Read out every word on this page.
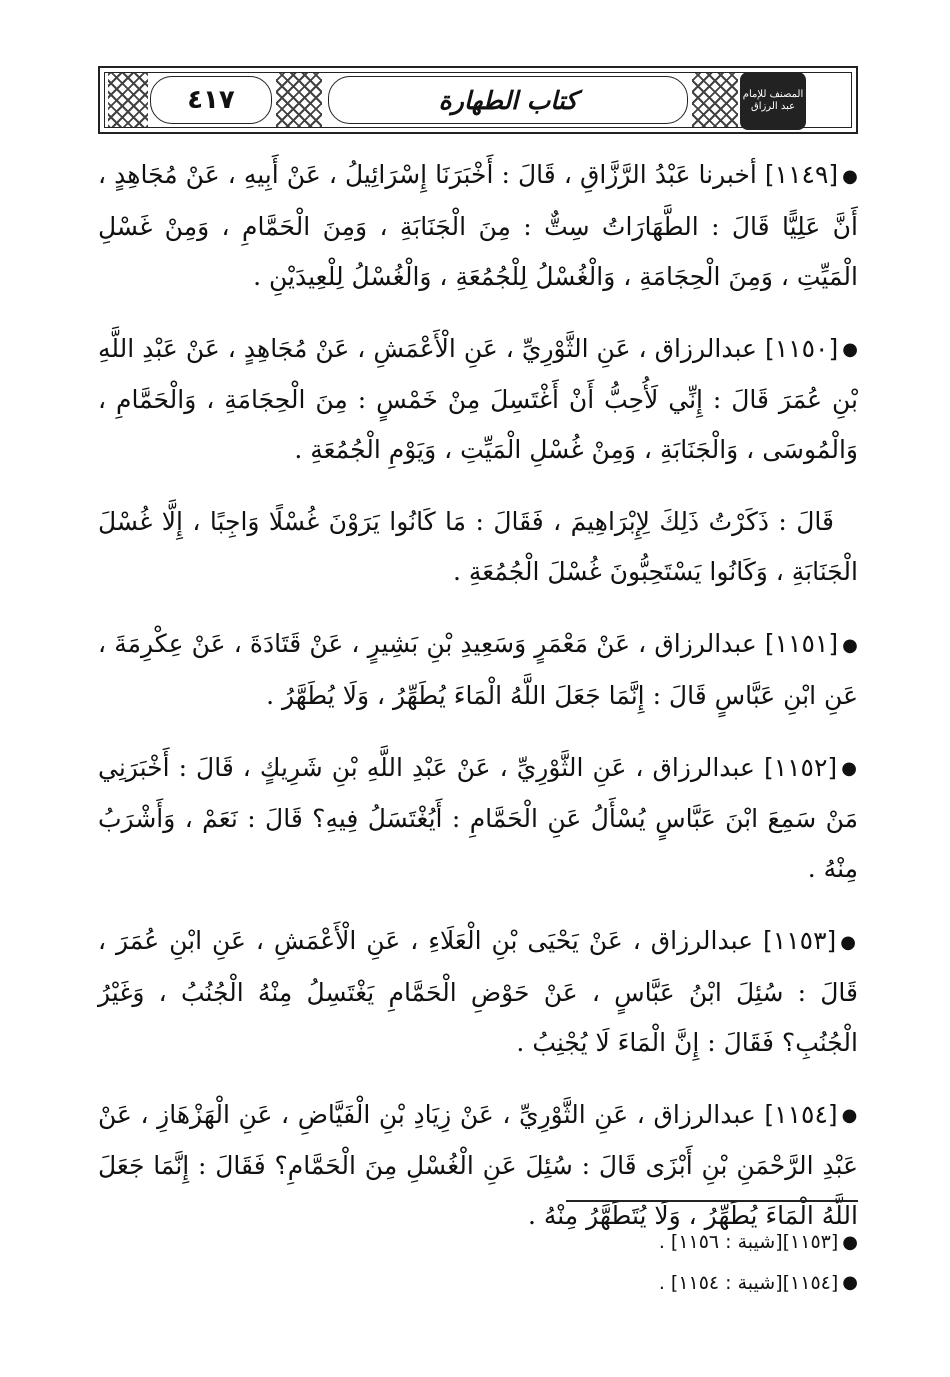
٤١٧	كتاب الطهارة	المصنف للإمام عبد الرزاق

●[١١٤٩] أخبرنا عَبْدُ الرَّزَّاقِ ، قَالَ : أَخْبَرَنَا إِسْرَائِيلُ ، عَنْ أَبِيهِ ، عَنْ مُجَاهِدٍ ، أَنَّ عَلِيًّا قَالَ : الطَّهَارَاتُ سِتٌّ : مِنَ الْجَنَابَةِ ، وَمِنَ الْحَمَّامِ ، وَمِنْ غَسْلِ الْمَيِّتِ ، وَمِنَ الْحِجَامَةِ ، وَالْغُسْلُ لِلْجُمُعَةِ ، وَالْغُسْلُ لِلْعِيدَيْنِ .

●[١١٥٠] عبدالرزاق ، عَنِ الثَّوْرِيِّ ، عَنِ الْأَعْمَشِ ، عَنْ مُجَاهِدٍ ، عَنْ عَبْدِ اللَّهِ بْنِ عُمَرَ قَالَ : إِنِّي لَأُحِبُّ أَنْ أَغْتَسِلَ مِنْ خَمْسٍ : مِنَ الْحِجَامَةِ ، وَالْحَمَّامِ ، وَالْمُوسَى ، وَالْجَنَابَةِ ، وَمِنْ غُسْلِ الْمَيِّتِ ، وَيَوْمِ الْجُمُعَةِ .

قَالَ : ذَكَرْتُ ذَلِكَ لِإِبْرَاهِيمَ ، فَقَالَ : مَا كَانُوا يَرَوْنَ غُسْلًا وَاجِبًا ، إِلَّا غُسْلَ الْجَنَابَةِ ، وَكَانُوا يَسْتَحِبُّونَ غُسْلَ الْجُمُعَةِ .

●[١١٥١] عبدالرزاق ، عَنْ مَعْمَرٍ وَسَعِيدِ بْنِ بَشِيرٍ ، عَنْ قَتَادَةَ ، عَنْ عِكْرِمَةَ ، عَنِ ابْنِ عَبَّاسٍ قَالَ : إِنَّمَا جَعَلَ اللَّهُ الْمَاءَ يُطَهِّرُ ، وَلَا يُطَهَّرُ .

●[١١٥٢] عبدالرزاق ، عَنِ الثَّوْرِيِّ ، عَنْ عَبْدِ اللَّهِ بْنِ شَرِيكٍ ، قَالَ : أَخْبَرَنِي مَنْ سَمِعَ ابْنَ عَبَّاسٍ يُسْأَلُ عَنِ الْحَمَّامِ : أَيُغْتَسَلُ فِيهِ؟ قَالَ : نَعَمْ ، وَأَشْرَبُ مِنْهُ .

●[١١٥٣] عبدالرزاق ، عَنْ يَحْيَى بْنِ الْعَلَاءِ ، عَنِ الْأَعْمَشِ ، عَنِ ابْنِ عُمَرَ ، قَالَ : سُئِلَ ابْنُ عَبَّاسٍ ، عَنْ حَوْضِ الْحَمَّامِ يَغْتَسِلُ مِنْهُ الْجُنُبُ ، وَغَيْرُ الْجُنُبِ؟ فَقَالَ : إِنَّ الْمَاءَ لَا يُجْنِبُ .

●[١١٥٤] عبدالرزاق ، عَنِ الثَّوْرِيِّ ، عَنْ زِيَادِ بْنِ الْفَيَّاضِ ، عَنِ الْهَزْهَازِ ، عَنْ عَبْدِ الرَّحْمَنِ بْنِ أَبْزَى قَالَ : سُئِلَ عَنِ الْغُسْلِ مِنَ الْحَمَّامِ؟ فَقَالَ : إِنَّمَا جَعَلَ اللَّهُ الْمَاءَ يُطَهِّرُ ، وَلَا يُتَطَهَّرُ مِنْهُ .

●[١١٥٣][شيبة : ١١٥٦] .

●[١١٥٤][شيبة : ١١٥٤] .
